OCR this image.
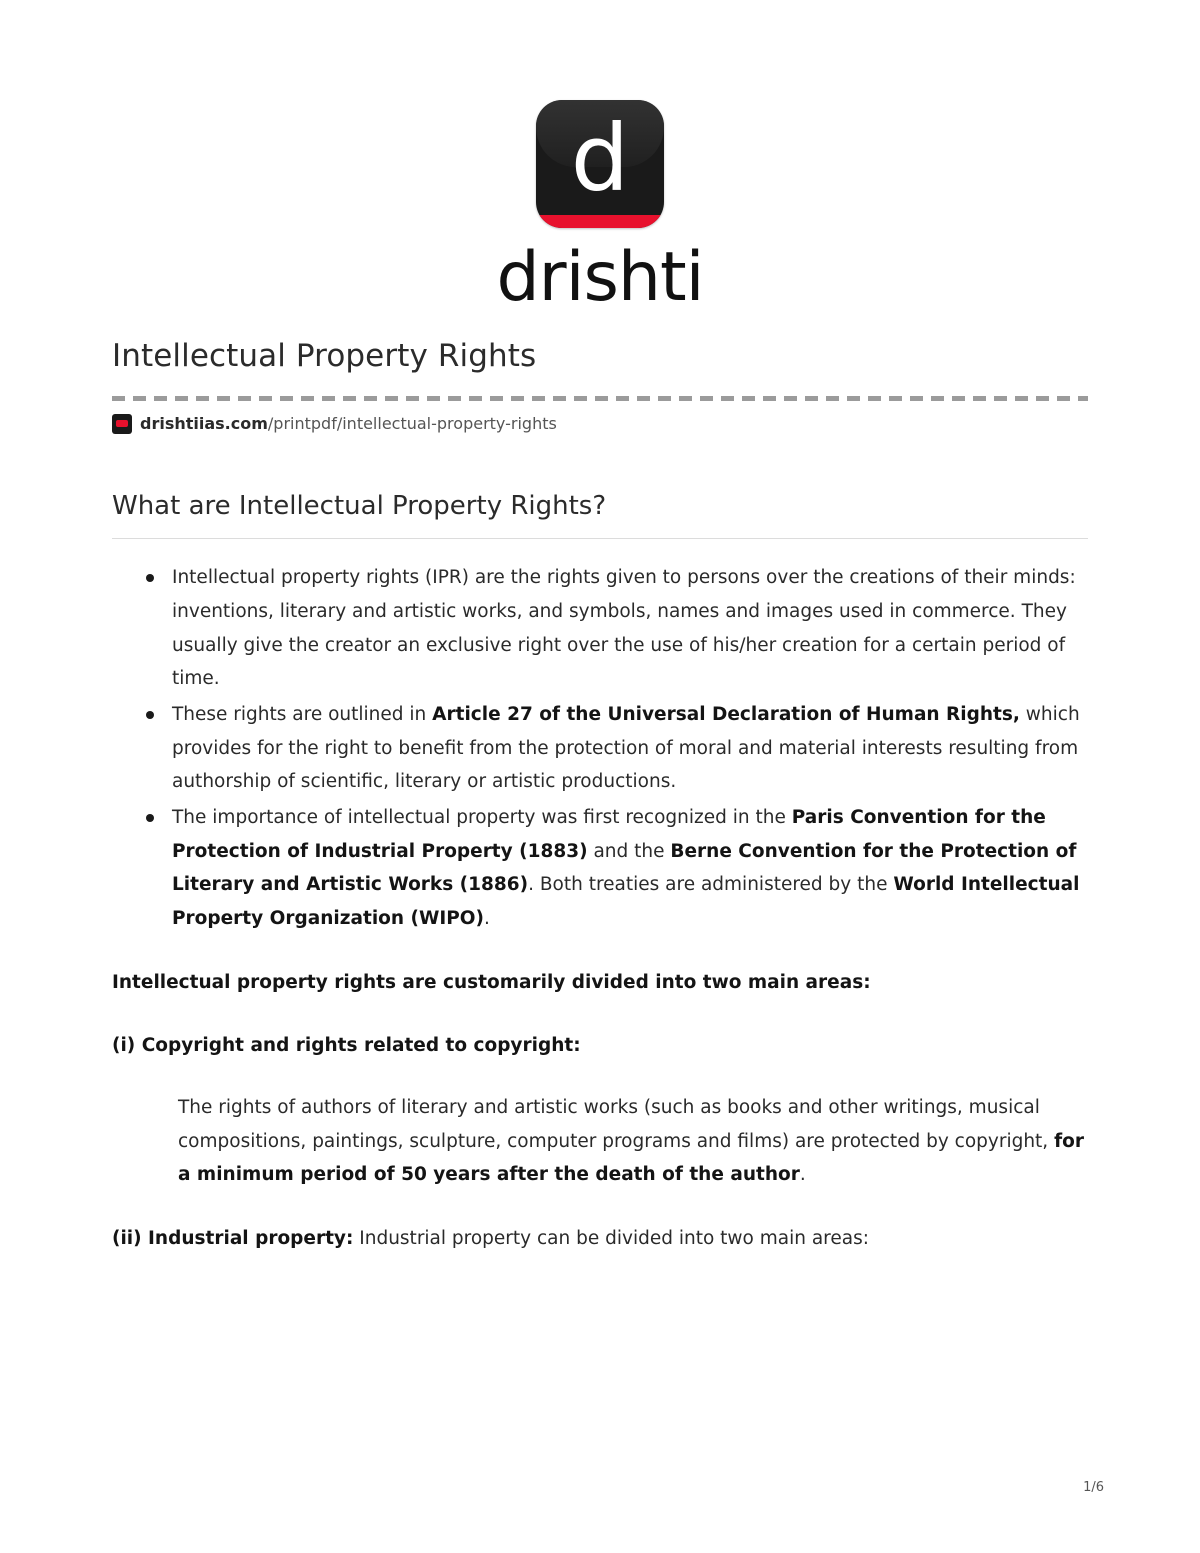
d
drishti
Intellectual Property Rights
drishtiias.com /printpdf/intellectual-property-rights
What are Intellectual Property Rights?
Intellectual property rights (IPR) are the rights given to persons over the creations of their minds: inventions, literary and artistic works, and symbols, names and images used in commerce. They usually give the creator an exclusive right over the use of his/her creation for a certain period of time.
These rights are outlined in Article 27 of the Universal Declaration of Human Rights, which provides for the right to benefit from the protection of moral and material interests resulting from authorship of scientific, literary or artistic productions.
The importance of intellectual property was first recognized in the Paris Convention for the Protection of Industrial Property (1883) and the Berne Convention for the Protection of Literary and Artistic Works (1886). Both treaties are administered by the World Intellectual Property Organization (WIPO).

Intellectual property rights are customarily divided into two main areas:

(i) Copyright and rights related to copyright:

The rights of authors of literary and artistic works (such as books and other writings, musical compositions, paintings, sculpture, computer programs and films) are protected by copyright, for a minimum period of 50 years after the death of the author.

(ii) Industrial property: Industrial property can be divided into two main areas:

1/6
